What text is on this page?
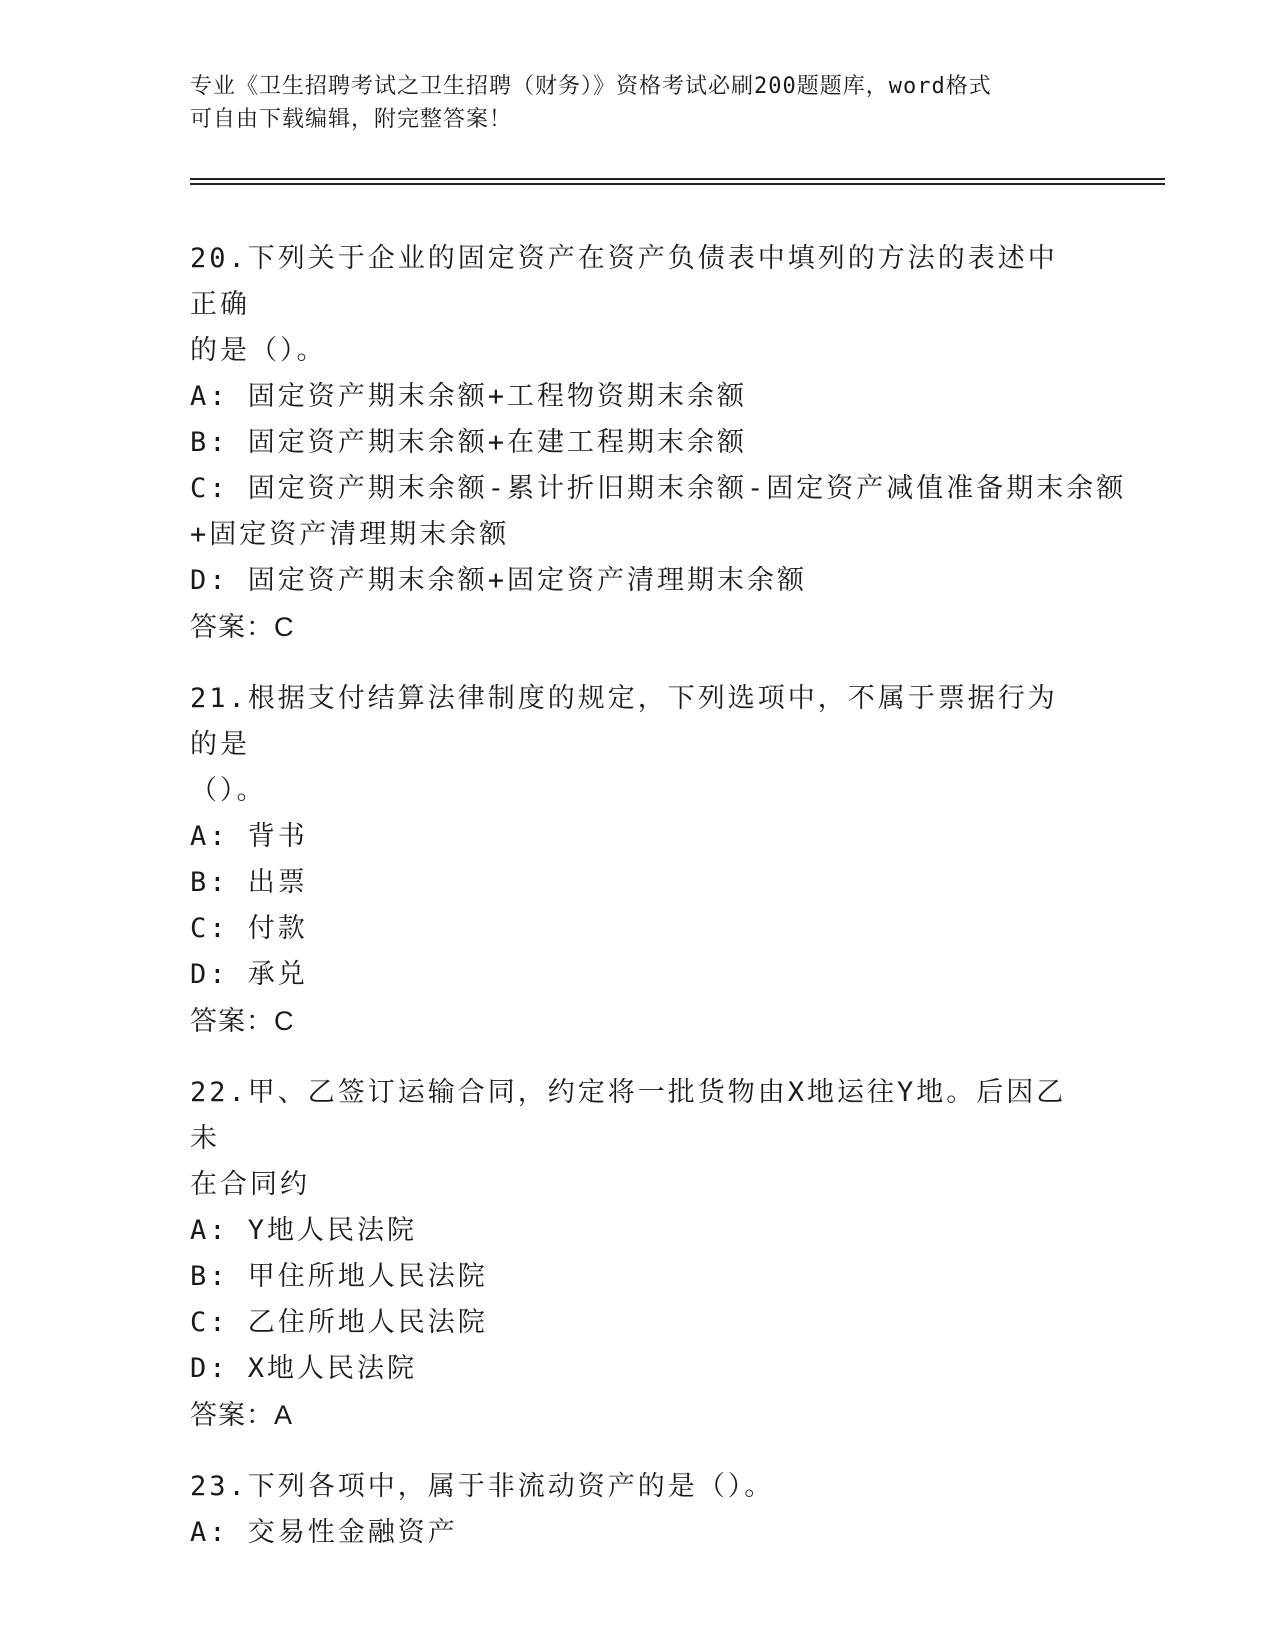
专业《卫生招聘考试之卫生招聘（财务）》资格考试必刷200题题库，word格式
可自由下载编辑，附完整答案！
20.下列关于企业的固定资产在资产负债表中填列的方法的表述中正确
的是（）。
A: 固定资产期末余额+工程物资期末余额
B: 固定资产期末余额+在建工程期末余额
C: 固定资产期末余额-累计折旧期末余额-固定资产减值准备期末余额
+固定资产清理期末余额
D: 固定资产期末余额+固定资产清理期末余额
答案：C
21.根据支付结算法律制度的规定，下列选项中，不属于票据行为的是
（）。
A: 背书
B: 出票
C: 付款
D: 承兑
答案：C
22.甲、乙签订运输合同，约定将一批货物由X地运往Y地。后因乙未
在合同约
A: Y地人民法院
B: 甲住所地人民法院
C: 乙住所地人民法院
D: X地人民法院
答案：A
23.下列各项中，属于非流动资产的是（）。
A: 交易性金融资产
